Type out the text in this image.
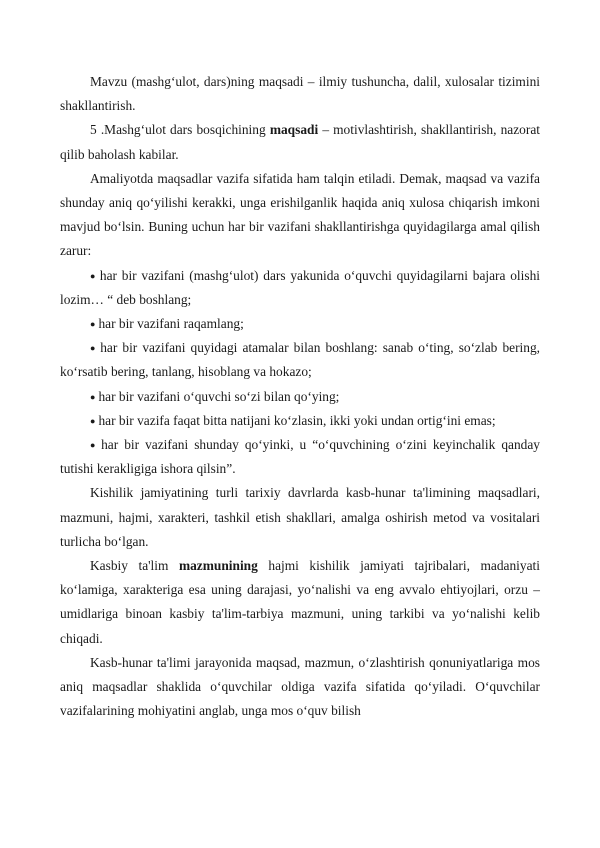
Mavzu (mashg‘ulot, dars)ning maqsadi – ilmiy tushuncha, dalil, xulosalar tizimini shakllantirish.

5 .Mashg‘ulot dars bosqichining maqsadi – motivlashtirish, shakllantirish, nazorat qilib baholash kabilar.

Amaliyotda maqsadlar vazifa sifatida ham talqin etiladi. Demak, maqsad va vazifa shunday aniq qo‘yilishi kerakki, unga erishilganlik haqida aniq xulosa chiqarish imkoni mavjud bo‘lsin. Buning uchun har bir vazifani shakllantirishga quyidagilarga amal qilish zarur:

● har bir vazifani (mashg‘ulot) dars yakunida o‘quvchi quyidagilarni bajara olishi lozim… “ deb boshlang;

● har bir vazifani raqamlang;

● har bir vazifani quyidagi atamalar bilan boshlang: sanab o‘ting, so‘zlab bering, ko‘rsatib bering, tanlang, hisoblang va hokazo;

● har bir vazifani o‘quvchi so‘zi bilan qo‘ying;

● har bir vazifa faqat bitta natijani ko‘zlasin, ikki yoki undan ortig‘ini emas;

● har bir vazifani shunday qo‘yinki, u “o‘quvchining o‘zini keyinchalik qanday tutishi kerakligiga ishora qilsin”.

Kishilik jamiyatining turli tarixiy davrlarda kasb-hunar ta'limining maqsadlari, mazmuni, hajmi, xarakteri, tashkil etish shakllari, amalga oshirish metod va vositalari turlicha bo‘lgan.

Kasbiy ta'lim mazmunining hajmi kishilik jamiyati tajribalari, madaniyati ko‘lamiga, xarakteriga esa uning darajasi, yo‘nalishi va eng avvalo ehtiyojlari, orzu – umidlariga binoan kasbiy ta'lim-tarbiya mazmuni, uning tarkibi va yo‘nalishi kelib chiqadi.

Kasb-hunar ta'limi jarayonida maqsad, mazmun, o‘zlashtirish qonuniyatlariga mos aniq maqsadlar shaklida o‘quvchilar oldiga vazifa sifatida qo‘yiladi. O‘quvchilar vazifalarining mohiyatini anglab, unga mos o‘quv bilish
